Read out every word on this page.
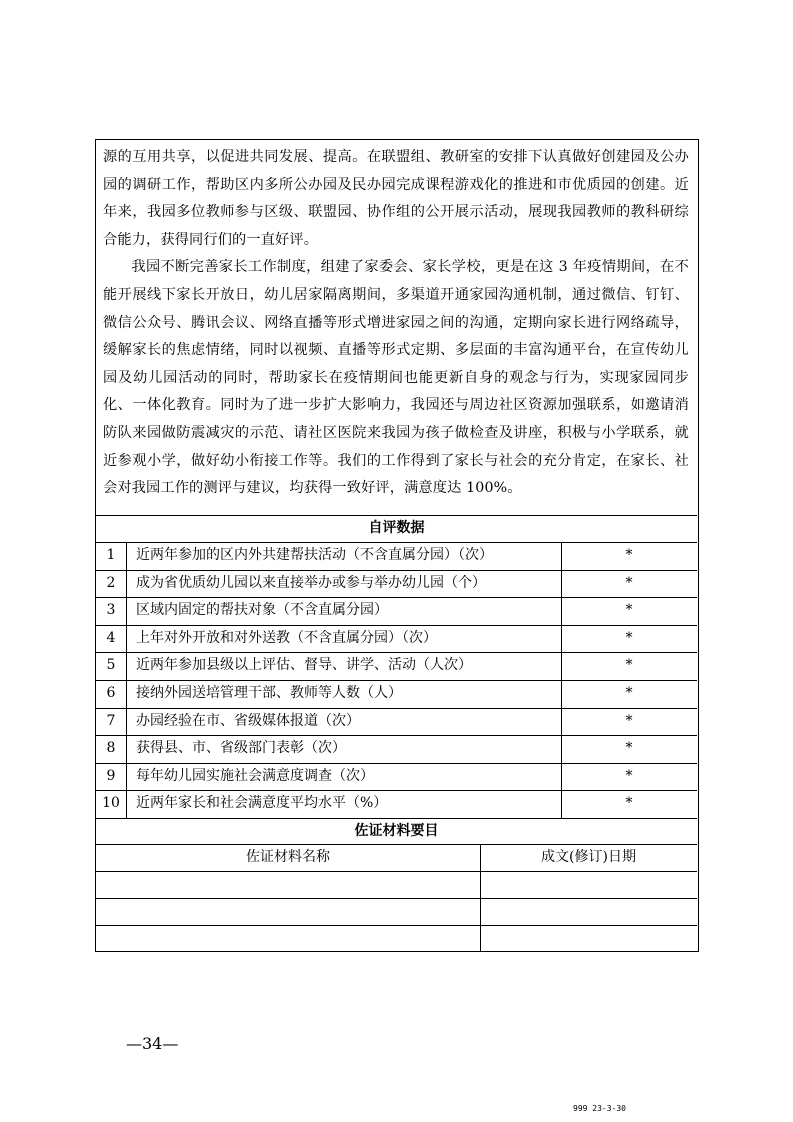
源的互用共享，以促进共同发展、提高。在联盟组、教研室的安排下认真做好创建园及公办园的调研工作，帮助区内多所公办园及民办园完成课程游戏化的推进和市优质园的创建。近年来，我园多位教师参与区级、联盟园、协作组的公开展示活动，展现我园教师的教科研综合能力，获得同行们的一直好评。

我园不断完善家长工作制度，组建了家委会、家长学校，更是在这 3 年疫情期间，在不能开展线下家长开放日，幼儿居家隔离期间，多渠道开通家园沟通机制，通过微信、钉钉、微信公众号、腾讯会议、网络直播等形式增进家园之间的沟通，定期向家长进行网络疏导，缓解家长的焦虑情绪，同时以视频、直播等形式定期、多层面的丰富沟通平台，在宣传幼儿园及幼儿园活动的同时，帮助家长在疫情期间也能更新自身的观念与行为，实现家园同步化、一体化教育。同时为了进一步扩大影响力，我园还与周边社区资源加强联系，如邀请消防队来园做防震减灾的示范、请社区医院来我园为孩子做检查及讲座，积极与小学联系，就近参观小学，做好幼小衔接工作等。我们的工作得到了家长与社会的充分肯定，在家长、社会对我园工作的测评与建议，均获得一致好评，满意度达 100%。

自评数据
佐证材料要目
佐证材料名称	成文(修订)日期
1	近两年参加的区内外共建帮扶活动（不含直属分园）（次）	*
2	成为省优质幼儿园以来直接举办或参与举办幼儿园（个）	*
3	区域内固定的帮扶对象（不含直属分园）	*
4	上年对外开放和对外送教（不含直属分园）（次）	*
5	近两年参加县级以上评估、督导、讲学、活动（人次）	*
6	接纳外园送培管理干部、教师等人数（人）	*
7	办园经验在市、省级媒体报道（次）	*
8	获得县、市、省级部门表彰（次）	*
9	每年幼儿园实施社会满意度调查（次）	*
10	近两年家长和社会满意度平均水平（%）	*
—34—
999 23-3-30
